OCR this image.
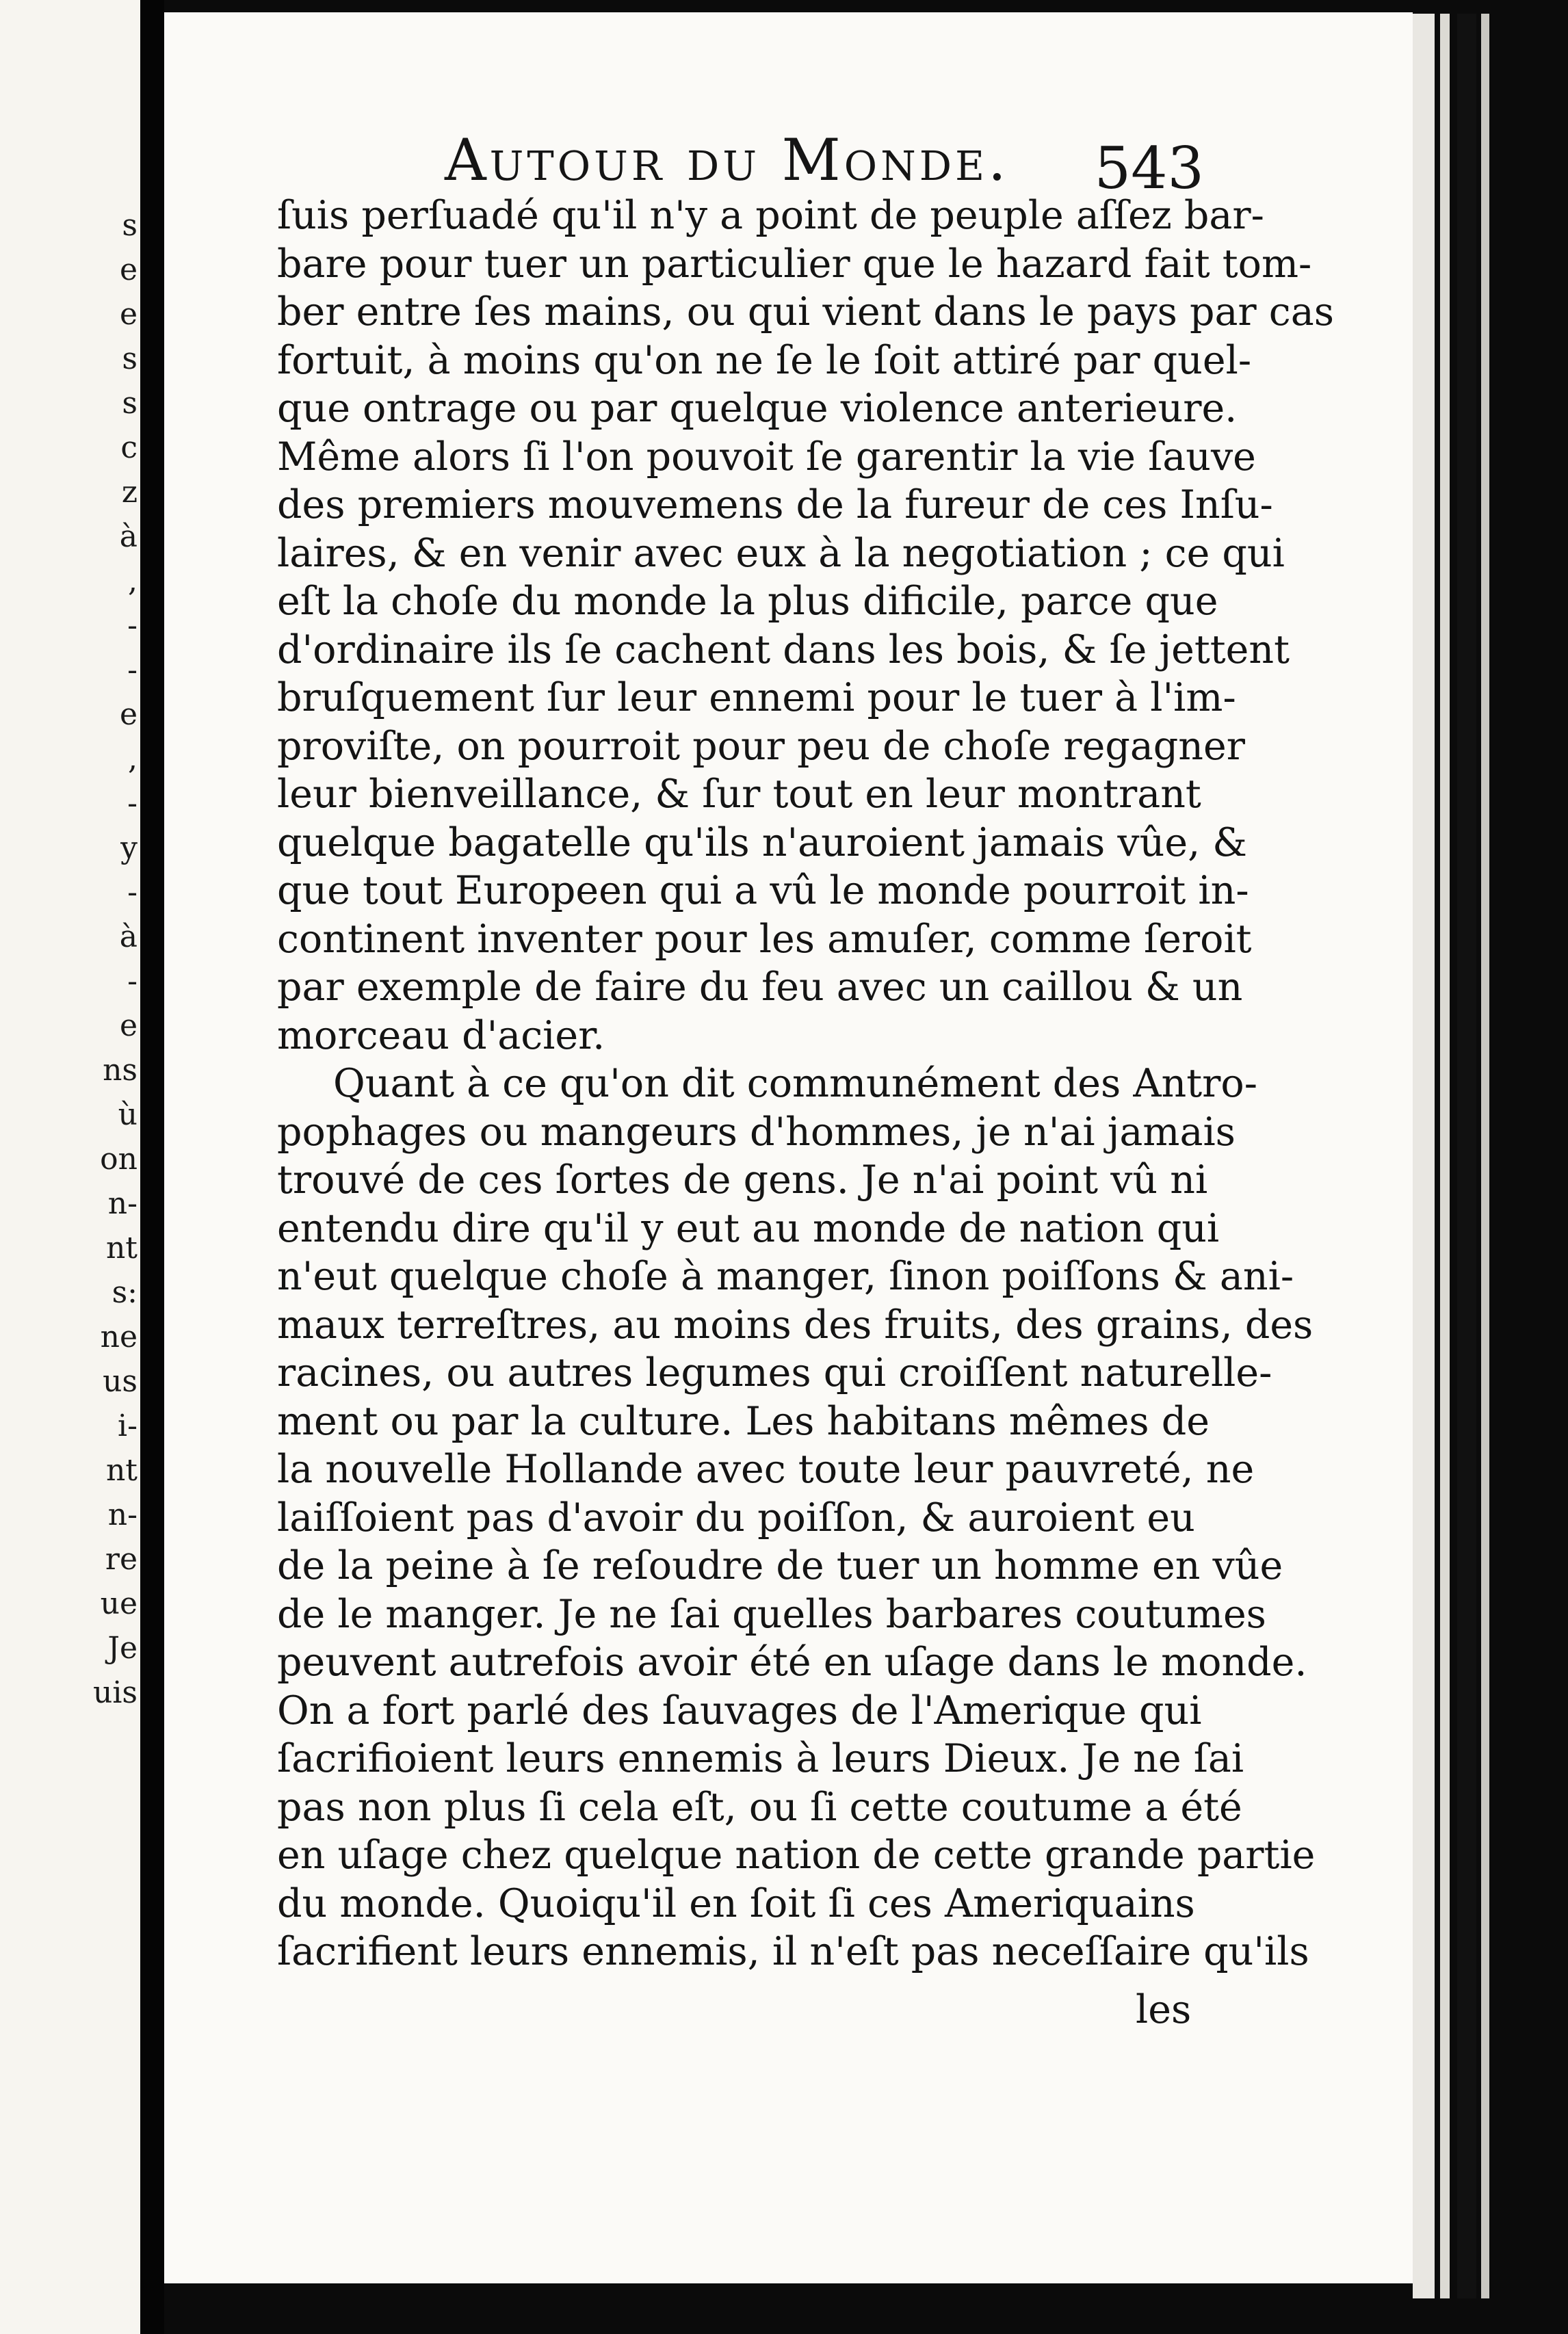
s
e
e
s
s
c
z
à
,
-
-
e
,
-
y
-
à
-
e
ns
ù
on
n-
nt
s:
ne
us
i-
nt
n-
re
ue
Je
uis
Autour du Monde. 543
ſuis perſuadé qu'il n'y a point de peuple aſſez bar-
bare pour tuer un particulier que le hazard fait tom-
ber entre ſes mains, ou qui vient dans le pays par cas
fortuit, à moins qu'on ne ſe le ſoit attiré par quel-
que ontrage ou par quelque violence anterieure.
Même alors ſi l'on pouvoit ſe garentir la vie ſauve
des premiers mouvemens de la fureur de ces Inſu-
laires, & en venir avec eux à la negotiation ; ce qui
eſt la choſe du monde la plus dificile, parce que
d'ordinaire ils ſe cachent dans les bois, & ſe jettent
bruſquement ſur leur ennemi pour le tuer à l'im-
proviſte, on pourroit pour peu de choſe regagner
leur bienveillance, & ſur tout en leur montrant
quelque bagatelle qu'ils n'auroient jamais vûe, &
que tout Europeen qui a vû le monde pourroit in-
continent inventer pour les amuſer, comme ſeroit
par exemple de faire du feu avec un caillou & un
morceau d'acier.
Quant à ce qu'on dit communément des Antro-
pophages ou mangeurs d'hommes, je n'ai jamais
trouvé de ces ſortes de gens. Je n'ai point vû ni
entendu dire qu'il y eut au monde de nation qui
n'eut quelque choſe à manger, ſinon poiſſons & ani-
maux terreſtres, au moins des fruits, des grains, des
racines, ou autres legumes qui croiſſent naturelle-
ment ou par la culture. Les habitans mêmes de
la nouvelle Hollande avec toute leur pauvreté, ne
laiſſoient pas d'avoir du poiſſon, & auroient eu
de la peine à ſe reſoudre de tuer un homme en vûe
de le manger. Je ne ſai quelles barbares coutumes
peuvent autrefois avoir été en uſage dans le monde.
On a fort parlé des ſauvages de l'Amerique qui
ſacrifioient leurs ennemis à leurs Dieux. Je ne ſai
pas non plus ſi cela eſt, ou ſi cette coutume a été
en uſage chez quelque nation de cette grande partie
du monde. Quoiqu'il en ſoit ſi ces Ameriquains
ſacrifient leurs ennemis, il n'eſt pas neceſſaire qu'ils
les
